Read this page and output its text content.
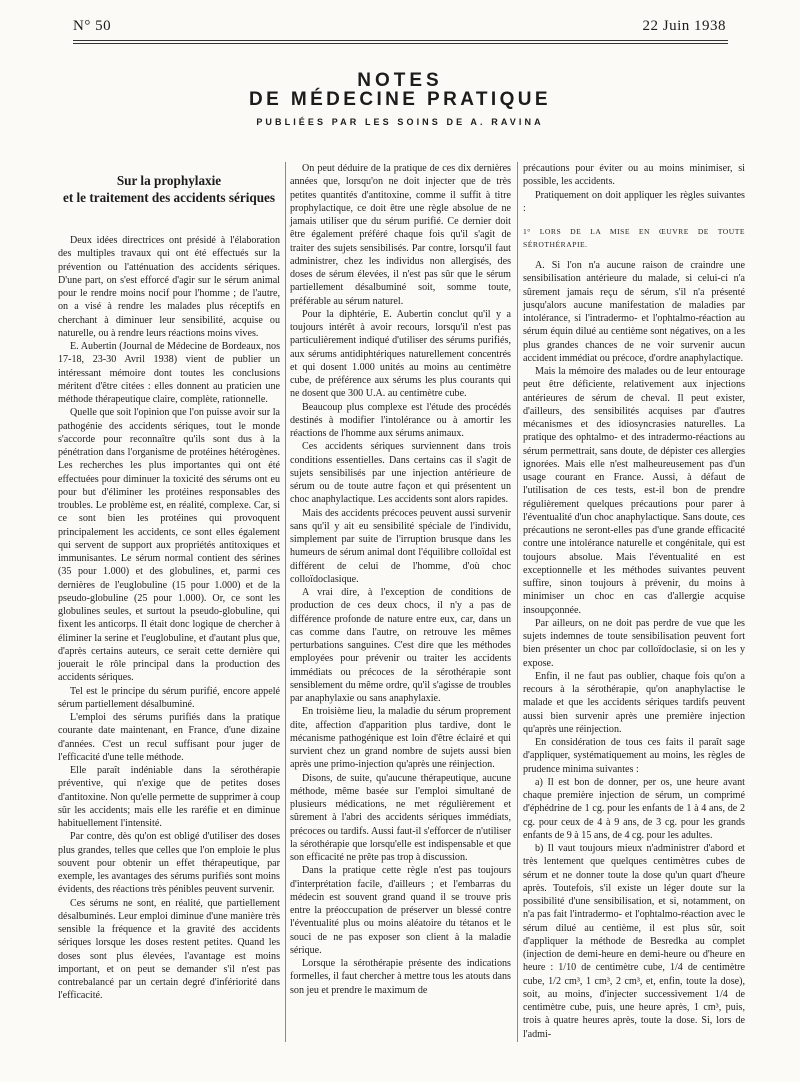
N° 50	22 Juin 1938
NOTES
DE MÉDECINE PRATIQUE
PUBLIÉES PAR LES SOINS DE A. RAVINA
Sur la prophylaxie
et le traitement des accidents sériques

Deux idées directrices ont présidé à l'élaboration des multiples travaux qui ont été effectués sur la prévention ou l'atténuation des accidents sériques. D'une part, on s'est efforcé d'agir sur le sérum animal pour le rendre moins nocif pour l'homme ; de l'autre, on a visé à rendre les malades plus réceptifs en cherchant à diminuer leur sensibilité, acquise ou naturelle, ou à rendre leurs réactions moins vives.

E. Aubertin (Journal de Médecine de Bordeaux, nos 17-18, 23-30 Avril 1938) vient de publier un intéressant mémoire dont toutes les conclusions méritent d'être citées : elles donnent au praticien une méthode thérapeutique claire, complète, rationnelle.

Quelle que soit l'opinion que l'on puisse avoir sur la pathogénie des accidents sériques, tout le monde s'accorde pour reconnaître qu'ils sont dus à la pénétration dans l'organisme de protéines hétérogènes. Les recherches les plus importantes qui ont été effectuées pour diminuer la toxicité des sérums ont eu pour but d'éliminer les protéines responsables des troubles. Le problème est, en réalité, complexe. Car, si ce sont bien les protéines qui provoquent principalement les accidents, ce sont elles également qui servent de support aux propriétés antitoxiques et immunisantes. Le sérum normal contient des sérines (35 pour 1.000) et des globulines, et, parmi ces dernières de l'euglobuline (15 pour 1.000) et de la pseudo-globuline (25 pour 1.000). Or, ce sont les globulines seules, et surtout la pseudo-globuline, qui fixent les anticorps. Il était donc logique de chercher à éliminer la serine et l'euglobuline, et d'autant plus que, d'après certains auteurs, ce serait cette dernière qui jouerait le rôle principal dans la production des accidents sériques.

Tel est le principe du sérum purifié, encore appelé sérum partiellement désalbuminé.

L'emploi des sérums purifiés dans la pratique courante date maintenant, en France, d'une dizaine d'années. C'est un recul suffisant pour juger de l'efficacité d'une telle méthode.

Elle paraît indéniable dans la sérothérapie préventive, qui n'exige que de petites doses d'antitoxine. Non qu'elle permette de supprimer à coup sûr les accidents; mais elle les raréfie et en diminue habituellement l'intensité.

Par contre, dès qu'on est obligé d'utiliser des doses plus grandes, telles que celles que l'on emploie le plus souvent pour obtenir un effet thérapeutique, par exemple, les avantages des sérums purifiés sont moins évidents, des réactions très pénibles peuvent survenir.

Ces sérums ne sont, en réalité, que partiellement désalbuminés. Leur emploi diminue d'une manière très sensible la fréquence et la gravité des accidents sériques lorsque les doses restent petites. Quand les doses sont plus élevées, l'avantage est moins important, et on peut se demander s'il n'est pas contrebalancé par un certain degré d'infériorité dans l'efficacité.

On peut déduire de la pratique de ces dix dernières années que, lorsqu'on ne doit injecter que de très petites quantités d'antitoxine, comme il suffit à titre prophylactique, ce doit être une règle absolue de ne jamais utiliser que du sérum purifié. Ce dernier doit être également préféré chaque fois qu'il s'agit de traiter des sujets sensibilisés. Par contre, lorsqu'il faut administrer, chez les individus non allergisés, des doses de sérum élevées, il n'est pas sûr que le sérum partiellement désalbuminé soit, somme toute, préférable au sérum naturel.

Pour la diphtérie, E. Aubertin conclut qu'il y a toujours intérêt à avoir recours, lorsqu'il n'est pas particulièrement indiqué d'utiliser des sérums purifiés, aux sérums antidiphtériques naturellement concentrés et qui dosent 1.000 unités au moins au centimètre cube, de préférence aux sérums les plus courants qui ne dosent que 300 U.A. au centimètre cube.

Beaucoup plus complexe est l'étude des procédés destinés à modifier l'intolérance ou à amortir les réactions de l'homme aux sérums animaux.

Ces accidents sériques surviennent dans trois conditions essentielles. Dans certains cas il s'agit de sujets sensibilisés par une injection antérieure de sérum ou de toute autre façon et qui présentent un choc anaphylactique. Les accidents sont alors rapides.

Mais des accidents précoces peuvent aussi survenir sans qu'il y ait eu sensibilité spéciale de l'individu, simplement par suite de l'irruption brusque dans les humeurs de sérum animal dont l'équilibre colloïdal est différent de celui de l'homme, d'où choc colloïdoclasique.

A vrai dire, à l'exception de conditions de production de ces deux chocs, il n'y a pas de différence profonde de nature entre eux, car, dans un cas comme dans l'autre, on retrouve les mêmes perturbations sanguines. C'est dire que les méthodes employées pour prévenir ou traiter les accidents immédiats ou précoces de la sérothérapie sont sensiblement du même ordre, qu'il s'agisse de troubles par anaphylaxie ou sans anaphylaxie.

En troisième lieu, la maladie du sérum proprement dite, affection d'apparition plus tardive, dont le mécanisme pathogénique est loin d'être éclairé et qui survient chez un grand nombre de sujets aussi bien après une primo-injection qu'après une réinjection.

Disons, de suite, qu'aucune thérapeutique, aucune méthode, même basée sur l'emploi simultané de plusieurs médications, ne met régulièrement et sûrement à l'abri des accidents sériques immédiats, précoces ou tardifs. Aussi faut-il s'efforcer de n'utiliser la sérothérapie que lorsqu'elle est indispensable et que son efficacité ne prête pas trop à discussion.

Dans la pratique cette règle n'est pas toujours d'interprétation facile, d'ailleurs ; et l'embarras du médecin est souvent grand quand il se trouve pris entre la préoccupation de préserver un blessé contre l'éventualité plus ou moins aléatoire du tétanos et le souci de ne pas exposer son client à la maladie sérique.

Lorsque la sérothérapie présente des indications formelles, il faut chercher à mettre tous les atouts dans son jeu et prendre le maximum de

précautions pour éviter ou au moins minimiser, si possible, les accidents.

Pratiquement on doit appliquer les règles suivantes :

1° LORS DE LA MISE EN ŒUVRE DE TOUTE SÉROTHÉRAPIE.

A. Si l'on n'a aucune raison de craindre une sensibilisation antérieure du malade, si celui-ci n'a sûrement jamais reçu de sérum, s'il n'a présenté jusqu'alors aucune manifestation de maladies par intolérance, si l'intradermo- et l'ophtalmo-réaction au sérum équin dilué au centième sont négatives, on a les plus grandes chances de ne voir survenir aucun accident immédiat ou précoce, d'ordre anaphylactique.

Mais la mémoire des malades ou de leur entourage peut être déficiente, relativement aux injections antérieures de sérum de cheval. Il peut exister, d'ailleurs, des sensibilités acquises par d'autres mécanismes et des idiosyncrasies naturelles. La pratique des ophtalmo- et des intradermo-réactions au sérum permettrait, sans doute, de dépister ces allergies ignorées. Mais elle n'est malheureusement pas d'un usage courant en France. Aussi, à défaut de l'utilisation de ces tests, est-il bon de prendre régulièrement quelques précautions pour parer à l'éventualité d'un choc anaphylactique. Sans doute, ces précautions ne seront-elles pas d'une grande efficacité contre une intolérance naturelle et congénitale, qui est toujours absolue. Mais l'éventualité en est exceptionnelle et les méthodes suivantes peuvent suffire, sinon toujours à prévenir, du moins à minimiser un choc en cas d'allergie acquise insoupçonnée.

Par ailleurs, on ne doit pas perdre de vue que les sujets indemnes de toute sensibilisation peuvent fort bien présenter un choc par colloïdoclasie, si on les y expose.

Enfin, il ne faut pas oublier, chaque fois qu'on a recours à la sérothérapie, qu'on anaphylactise le malade et que les accidents sériques tardifs peuvent aussi bien survenir après une première injection qu'après une réinjection.

En considération de tous ces faits il paraît sage d'appliquer, systématiquement au moins, les règles de prudence minima suivantes :

a) Il est bon de donner, per os, une heure avant chaque première injection de sérum, un comprimé d'éphédrine de 1 cg. pour les enfants de 1 à 4 ans, de 2 cg. pour ceux de 4 à 9 ans, de 3 cg. pour les grands enfants de 9 à 15 ans, de 4 cg. pour les adultes.

b) Il vaut toujours mieux n'administrer d'abord et très lentement que quelques centimètres cubes de sérum et ne donner toute la dose qu'un quart d'heure après. Toutefois, s'il existe un léger doute sur la possibilité d'une sensibilisation, et si, notamment, on n'a pas fait l'intradermo- et l'ophtalmo-réaction avec le sérum dilué au centième, il est plus sûr, soit d'appliquer la méthode de Besredka au complet (injection de demi-heure en demi-heure ou d'heure en heure : 1/10 de centimètre cube, 1/4 de centimètre cube, 1/2 cm³, 1 cm³, 2 cm³, et, enfin, toute la dose), soit, au moins, d'injecter successivement 1/4 de centimètre cube, puis, une heure après, 1 cm³, puis, trois à quatre heures après, toute la dose. Si, lors de l'admi-
